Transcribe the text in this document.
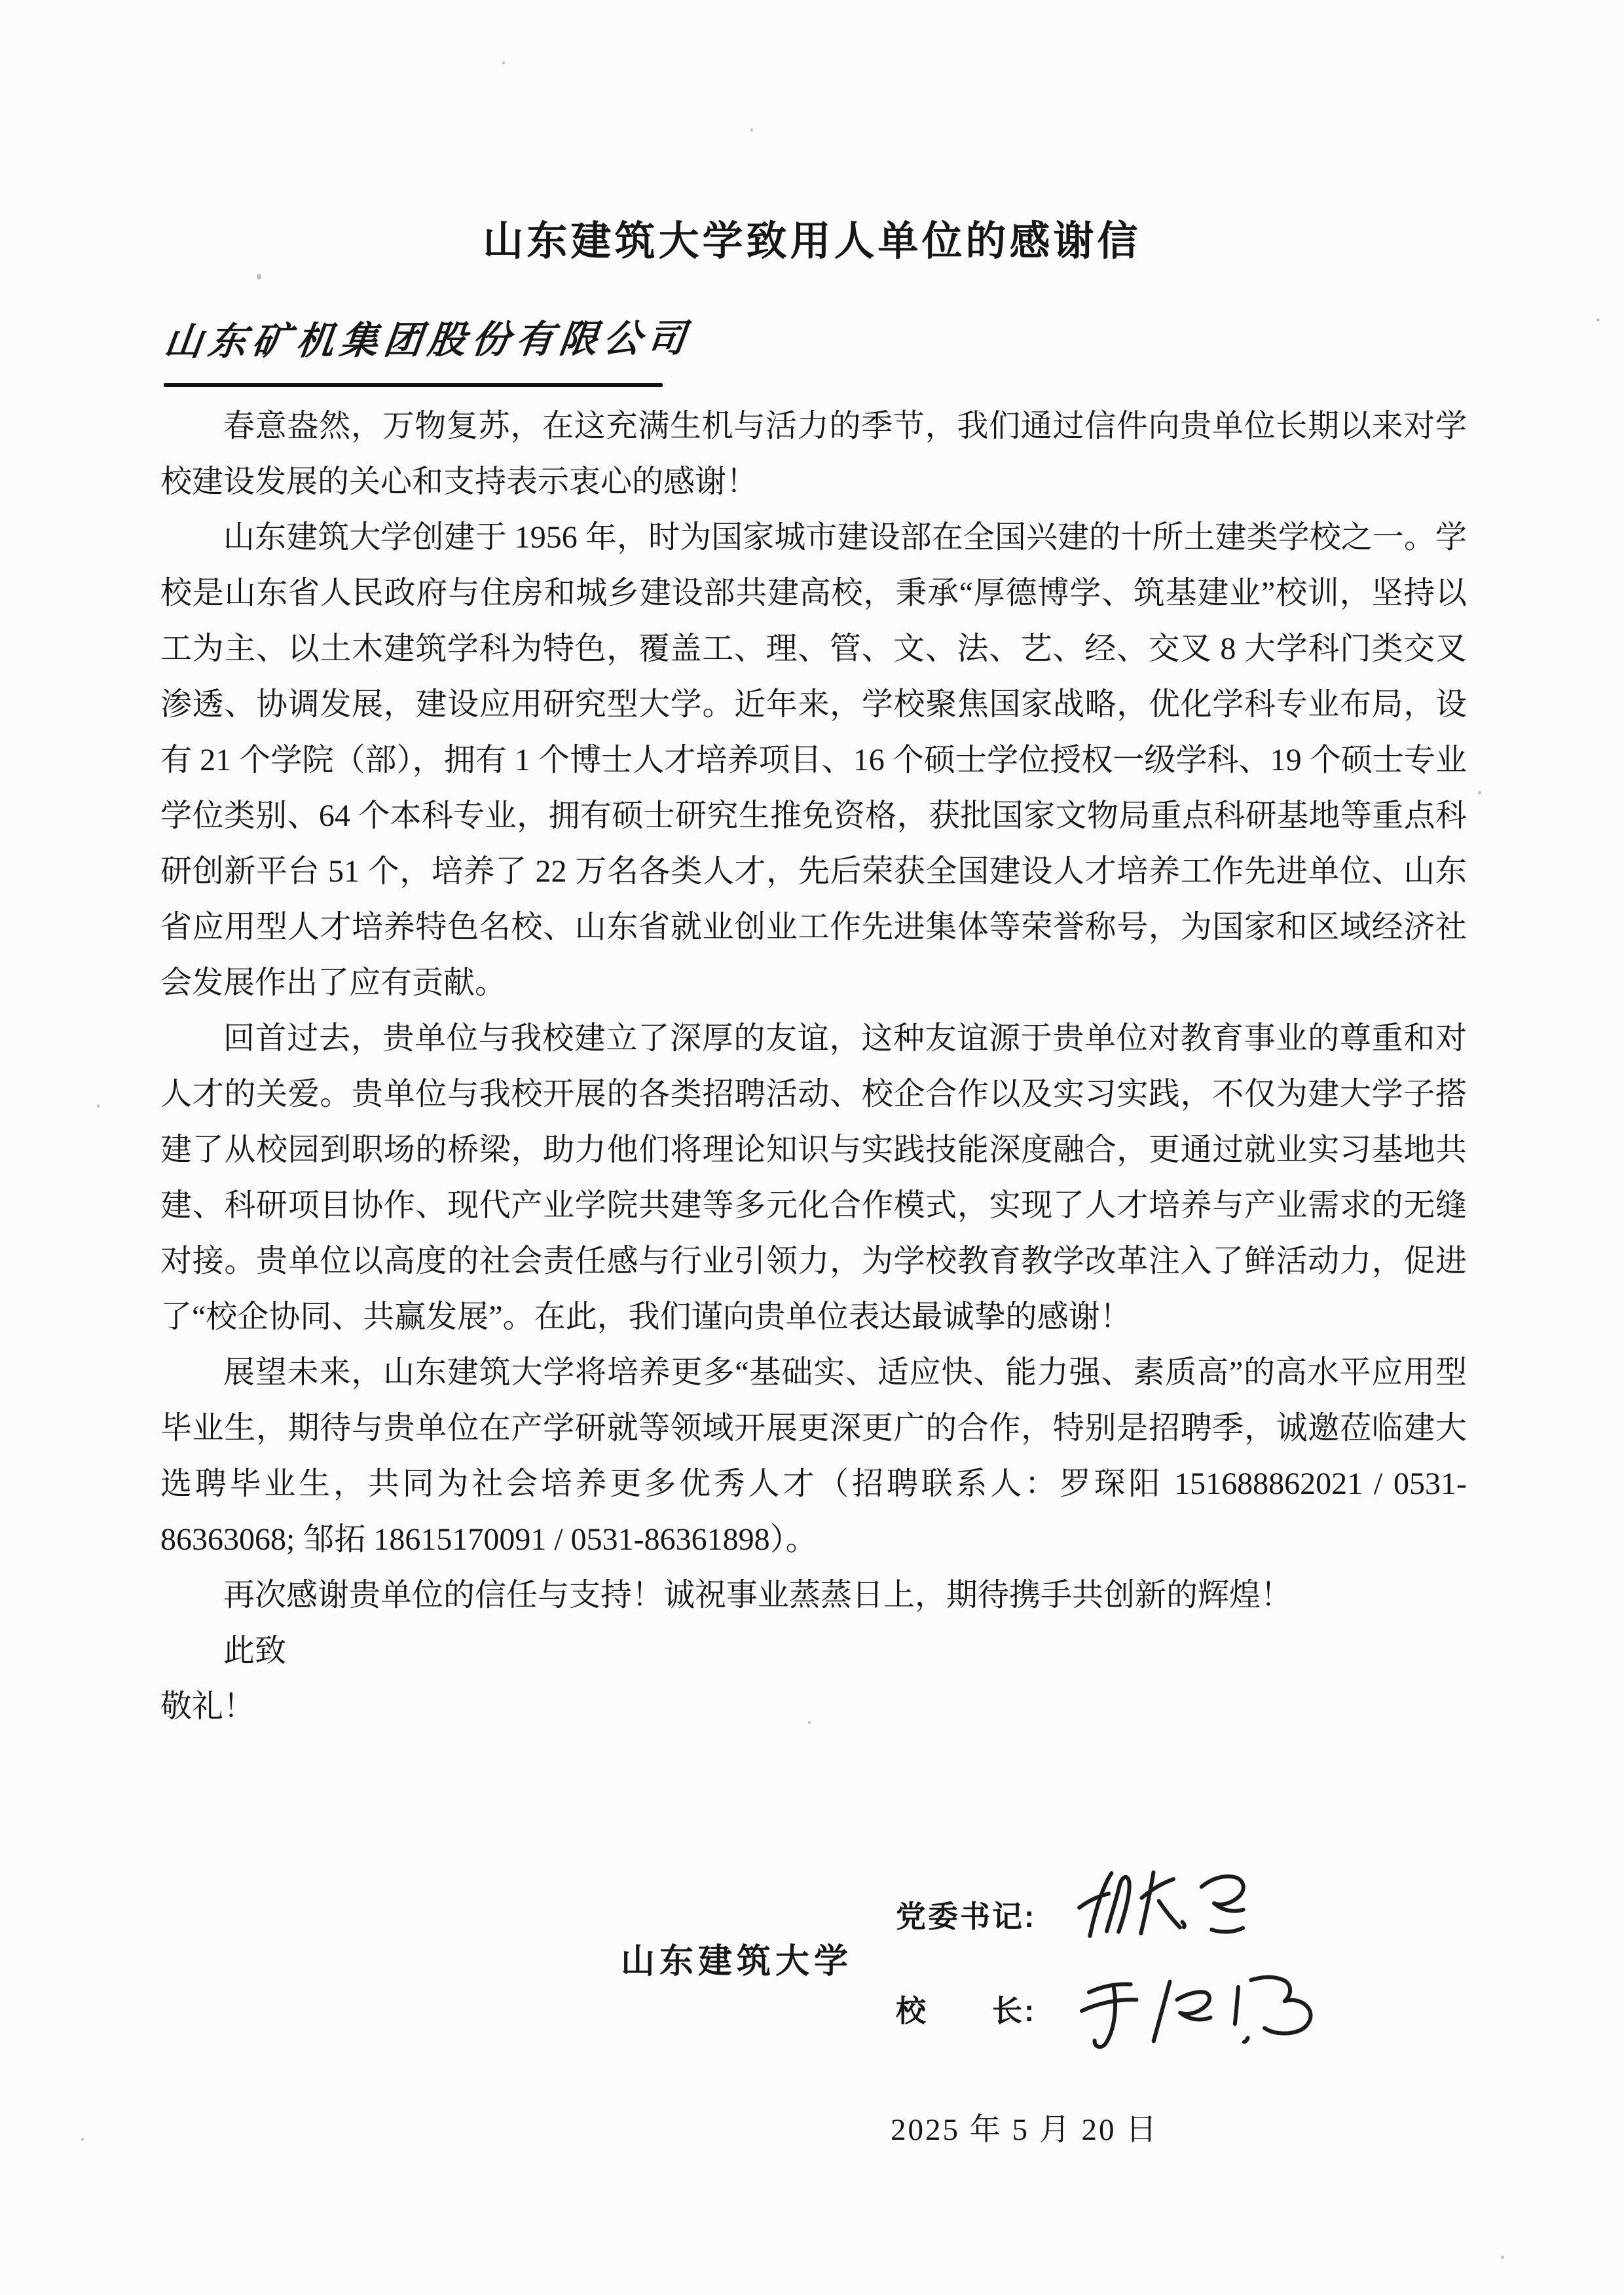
山东建筑大学致用人单位的感谢信
山东矿机集团股份有限公司

春意盎然，万物复苏，在这充满生机与活力的季节，我们通过信件向贵单位长期以来对学校建设发展的关心和支持表示衷心的感谢！

山东建筑大学创建于 1956 年，时为国家城市建设部在全国兴建的十所土建类学校之一。学校是山东省人民政府与住房和城乡建设部共建高校，秉承“厚德博学、筑基建业”校训，坚持以工为主、以土木建筑学科为特色，覆盖工、理、管、文、法、艺、经、交叉 8 大学科门类交叉渗透、协调发展，建设应用研究型大学。近年来，学校聚焦国家战略，优化学科专业布局，设有 21 个学院（部），拥有 1 个博士人才培养项目、16 个硕士学位授权一级学科、19 个硕士专业学位类别、64 个本科专业，拥有硕士研究生推免资格，获批国家文物局重点科研基地等重点科研创新平台 51 个，培养了 22 万名各类人才，先后荣获全国建设人才培养工作先进单位、山东省应用型人才培养特色名校、山东省就业创业工作先进集体等荣誉称号，为国家和区域经济社会发展作出了应有贡献。

回首过去，贵单位与我校建立了深厚的友谊，这种友谊源于贵单位对教育事业的尊重和对人才的关爱。贵单位与我校开展的各类招聘活动、校企合作以及实习实践，不仅为建大学子搭建了从校园到职场的桥梁，助力他们将理论知识与实践技能深度融合，更通过就业实习基地共建、科研项目协作、现代产业学院共建等多元化合作模式，实现了人才培养与产业需求的无缝对接。贵单位以高度的社会责任感与行业引领力，为学校教育教学改革注入了鲜活动力，促进了“校企协同、共赢发展”。在此，我们谨向贵单位表达最诚挚的感谢！

展望未来，山东建筑大学将培养更多“基础实、适应快、能力强、素质高”的高水平应用型毕业生，期待与贵单位在产学研就等领域开展更深更广的合作，特别是招聘季，诚邀莅临建大选聘毕业生，共同为社会培养更多优秀人才（招聘联系人：罗琛阳 151688862021 / 0531-86363068; 邹拓 18615170091 / 0531-86361898）。

再次感谢贵单位的信任与支持！诚祝事业蒸蒸日上，期待携手共创新的辉煌！

此致

敬礼！

山东建筑大学
党委书记:
校　　长:
2025 年 5 月 20 日
